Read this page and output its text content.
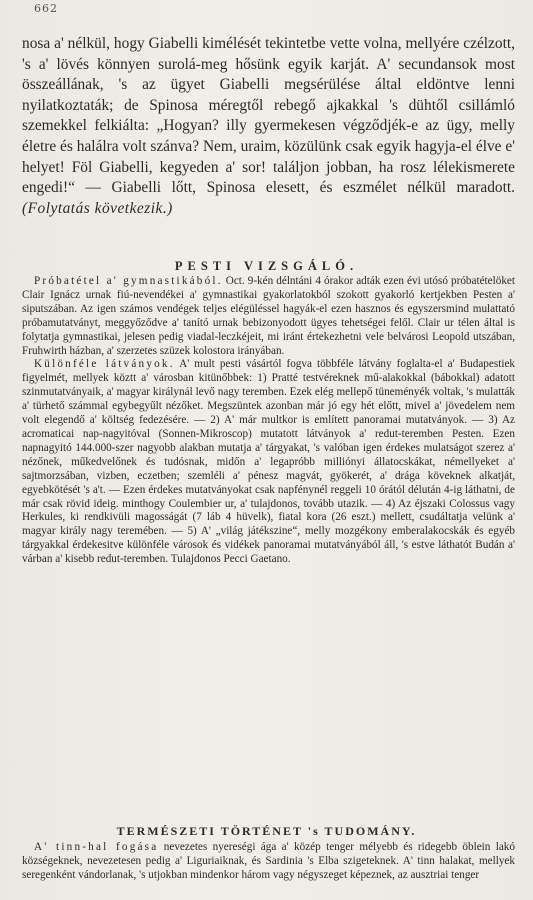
662

nosa a' nélkül, hogy Giabelli kimélését tekintetbe vette volna, mellyére czélzott, 's a' lövés könnyen surolá-meg hősünk egyik karját. A' secundansok most összeállának, 's az ügyet Giabelli megsérülése által eldöntve lenni nyilatkoztaták; de Spinosa méregtől rebegő ajkakkal 's dühtől csillámló szemekkel felkiálta: „Hogyan? illy gyermekesen végződjék-e az ügy, melly életre és halálra volt szánva? Nem, uraim, közülünk csak egyik hagyja-el élve e' helyet! Föl Giabelli, kegyeden a' sor! találjon jobban, ha rosz lélekismerete engedi!“ — Giabelli lőtt, Spinosa elesett, és eszmélet nélkül maradott. (Folytatás következik.)

PESTI VIZSGÁLÓ.

Próbatétel a' gymnastikából. Oct. 9-kén délntáni 4 órakor adták ezen évi utósó próbatételöket Clair Ignácz urnak fiú-nevendékei a' gymnastikai gyakorlatokból szokott gyakorló kertjekben Pesten a' siputszában. Az igen számos vendégek teljes elégüléssel hagyák-el ezen hasznos és egyszersmind mulattató próbamutatványt, meggyőződve a' tanító urnak bebizonyodott ügyes tehetségei felől. Clair ur télen által is folytatja gymnastikai, jelesen pedig viadal-leczkéjeit, mi iránt értekezhetni vele belvárosi Leopold utszában, Fruhwirth házban, a' szerzetes szüzek kolostora irányában.

Különféle látványok. A' mult pesti vásártól fogva többféle látvány foglalta-el a' Budapestiek figyelmét, mellyek köztt a' városban kitünőbbek: 1) Pratté testvéreknek mű-alakokkal (bábokkal) adatott szinmutatványaik, a' magyar királynál levő nagy teremben. Ezek elég mellepő tüneményék voltak, 's mulatták a' türhető számmal egybegyűlt nézőket. Megszüntek azonban már jó egy hét előtt, mivel a' jövedelem nem volt elegendő a' költség fedezésére. — 2) A' már multkor is említett panoramai mutatványok. — 3) Az acromaticai nap-nagyitóval (Sonnen-Mikroscop) mutatott látványok a' redut-teremben Pesten. Ezen napnagyitó 144.000-szer nagyobb alakban mutatja a' tárgyakat, 's valóban igen érdekes mulatságot szerez a' nézőnek, műkedvelőnek és tudósnak, midőn a' legapróbb milliónyi állatocskákat, némellyeket a' sajtmorzsában, vizben, eczetben; szemléli a' pénesz magvát, gyökerét, a' drága köveknek alkatját, egyebkötését 's a't. — Ezen érdekes mutatványokat csak napfénynél reggeli 10 órától délután 4-ig láthatni, de már csak rövid ideig. minthogy Coulembier ur, a' tulajdonos, tovább utazik. — 4) Az éjszaki Colossus vagy Herkules, ki rendkivüli magosságát (7 láb 4 hüvelk), fiatal kora (26 eszt.) mellett, csudáltatja velünk a' magyar király nagy teremében. — 5) A' „világ játékszine“, melly mozgékony emberalakocskák és egyéb tárgyakkal érdekesitve különféle városok és vidékek panoramai mutatványából áll, 's estve láthatót Budán a' várban a' kisebb redut-teremben. Tulajdonos Pecci Gaetano.

TERMÉSZETI TÖRTÉNET 's TUDOMÁNY.

A' tinn-hal fogása nevezetes nyereségi ága a' közép tenger mélyebb és ridegebb öblein lakó községeknek, nevezetesen pedig a' Liguriaiknak, és Sardinia 's Elba szigeteknek. A' tinn halakat, mellyek seregenként vándorlanak, 's utjokban mindenkor három vagy négyszeget képeznek, az ausztriai tenger
